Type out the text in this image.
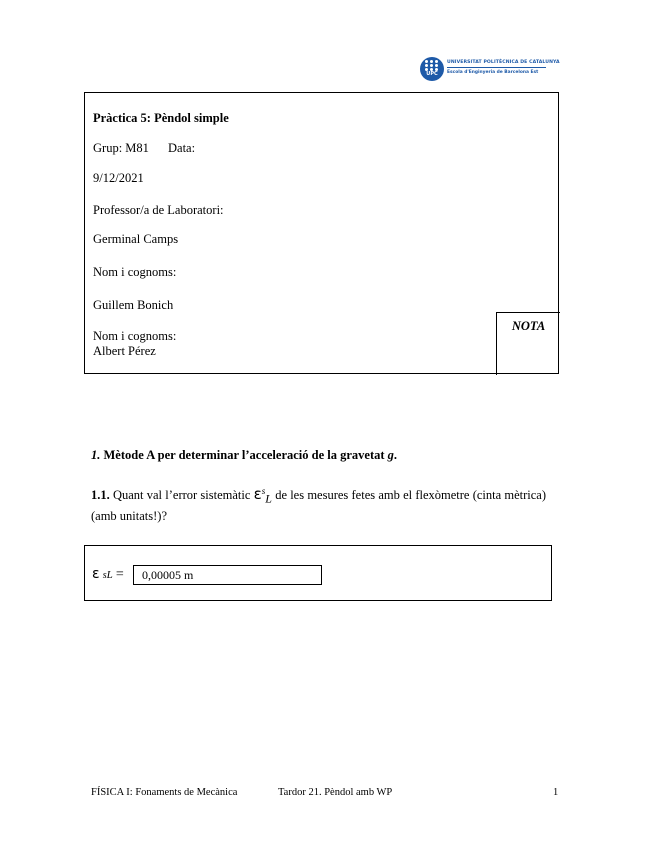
UPC
UNIVERSITAT POLITÈCNICA DE CATALUNYA
Escola d'Enginyeria de Barcelona Est
Pràctica 5: Pèndol simple
Grup: M81 Data:
9/12/2021
Professor/a de Laboratori:
Germinal Camps
Nom i cognoms:
Guillem Bonich
Nom i cognoms:
Albert Pérez
NOTA
1. Mètode A per determinar l’acceleració de la gravetat g.
1.1. Quant val l’error sistemàtic $\varepsilon^s_L$ de les mesures fetes amb el flexòmetre (cinta mètrica) (amb unitats!)?
ε sL =	0,00005 m
FÍSICA I: Fonaments de Mecànica	Tardor 21. Pèndol amb WP	1
